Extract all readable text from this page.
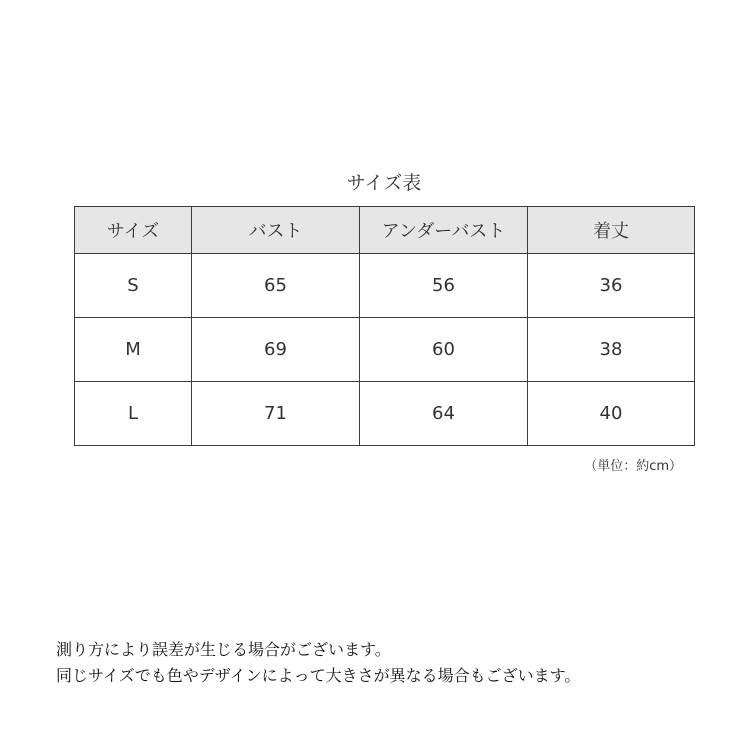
サイズ表
サイズ	バスト	アンダーバスト	着丈
S	65	56	36
M	69	60	38
L	71	64	40
（単位：約cm）
測り方により誤差が生じる場合がございます。
同じサイズでも色やデザインによって大きさが異なる場合もございます。
